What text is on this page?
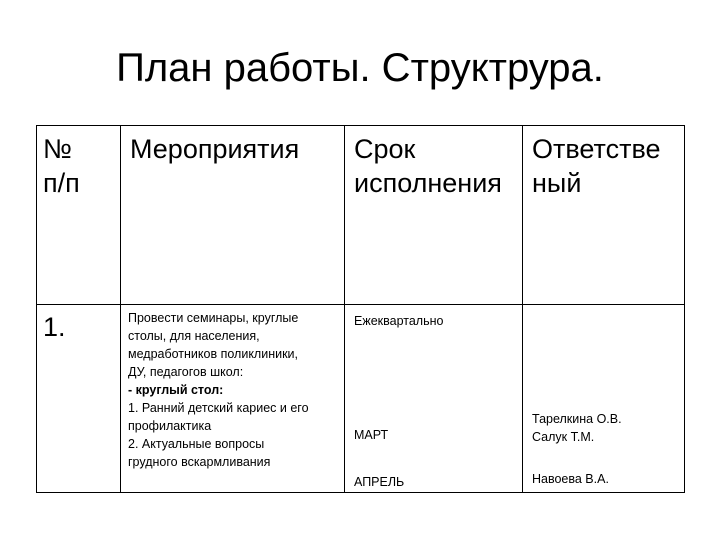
План работы. Структрура.
№
п/п
Мероприятия	Срок
исполнения
Ответстве
ный
1.	Провести семинары, круглые
столы, для населения,
медработников поликлиники,
ДУ, педагогов школ:
- круглый стол:
1. Ранний детский кариес и его
профилактика
2. Актуальные вопросы
грудного вскармливания
Ежеквартально
МАРТ
АПРЕЛЬ
Тарелкина О.В.
Салук Т.М.
Навоева В.А.
